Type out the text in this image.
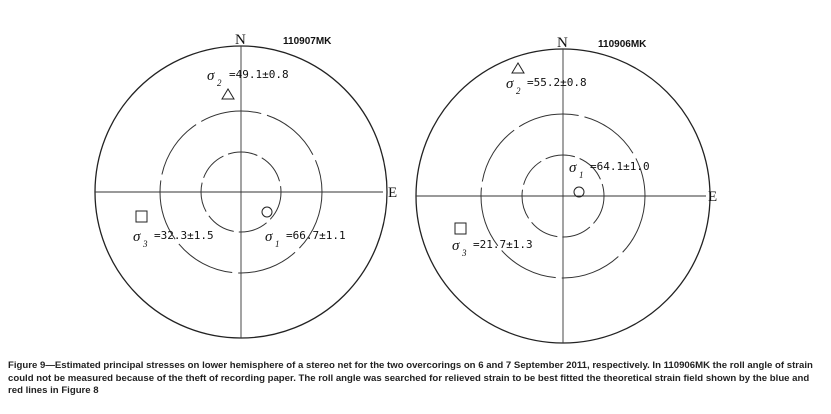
N	110907MK
E
σ 2
=49.1±0.8
σ 1
=66.7±1.1
σ 3
=32.3±1.5
N	110906MK
E
σ 2
=55.2±0.8
σ 1
=64.1±1.0
σ 3
=21.7±1.3
Figure 9—Estimated principal stresses on lower hemisphere of a stereo net for the two overcorings on 6 and 7 September 2011, respectively. In 110906MK the roll angle of strain could not be measured because of the theft of recording paper. The roll angle was searched for relieved strain to be best fitted the theoretical strain field shown by the blue and red lines in Figure 8
